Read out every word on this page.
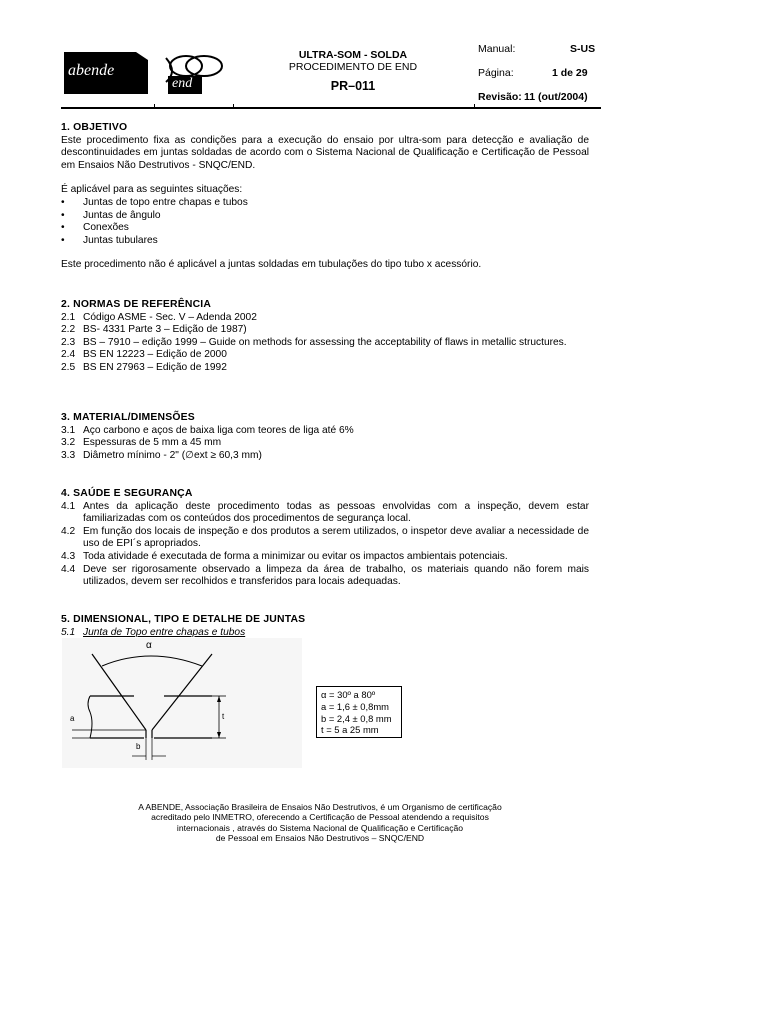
abende
end
ULTRA-SOM - SOLDA
PROCEDIMENTO DE END
PR–011
Manual:	S-US
Página:	1 de 29
Revisão: 11 (out/2004)
1. OBJETIVO

Este procedimento fixa as condições para a execução do ensaio por ultra-som para detecção e avaliação de descontinuidades em juntas soldadas de acordo com o Sistema Nacional de Qualificação e Certificação de Pessoal em Ensaios Não Destrutivos - SNQC/END.

É aplicável para as seguintes situações:

•	Juntas de topo entre chapas e tubos
•	Juntas de ângulo
•	Conexões
•	Juntas tubulares

Este procedimento não é aplicável a juntas soldadas em tubulações do tipo tubo x acessório.

2. NORMAS DE REFERÊNCIA
2.1 Código ASME - Sec. V – Adenda 2002
2.2 BS- 4331 Parte 3 – Edição de 1987)
2.3 BS – 7910 – edição 1999 – Guide on methods for assessing the acceptability of flaws in metallic structures.
2.4 BS EN 12223 – Edição de 2000
2.5 BS EN 27963 – Edição de 1992
3. MATERIAL/DIMENSÕES
3.1 Aço carbono e aços de baixa liga com teores de liga até 6%
3.2 Espessuras de 5 mm a 45 mm
3.3 Diâmetro mínimo - 2" (∅ext ≥ 60,3 mm)
4. SAÚDE E SEGURANÇA
4.1 Antes da aplicação deste procedimento todas as pessoas envolvidas com a inspeção, devem estar familiarizadas com os conteúdos dos procedimentos de segurança local.
4.2 Em função dos locais de inspeção e dos produtos a serem utilizados, o inspetor deve avaliar a necessidade de uso de EPI´s apropriados.
4.3 Toda atividade é executada de forma a minimizar ou evitar os impactos ambientais potenciais.
4.4 Deve ser rigorosamente observado a limpeza da área de trabalho, os materiais quando não forem mais utilizados, devem ser recolhidos e transferidos para locais adequadas.
5. DIMENSIONAL, TIPO E DETALHE DE JUNTAS
5.1 Junta de Topo entre chapas e tubos
α
a
b
t
α = 30º a 80º
a = 1,6 ± 0,8mm
b = 2,4 ± 0,8 mm
t = 5 a 25 mm
A ABENDE, Associação Brasileira de Ensaios Não Destrutivos, é um Organismo de certificação
acreditado pelo INMETRO, oferecendo a Certificação de Pessoal atendendo a requisitos
internacionais , através do Sistema Nacional de Qualificação e Certificação
de Pessoal em Ensaios Não Destrutivos – SNQC/END
